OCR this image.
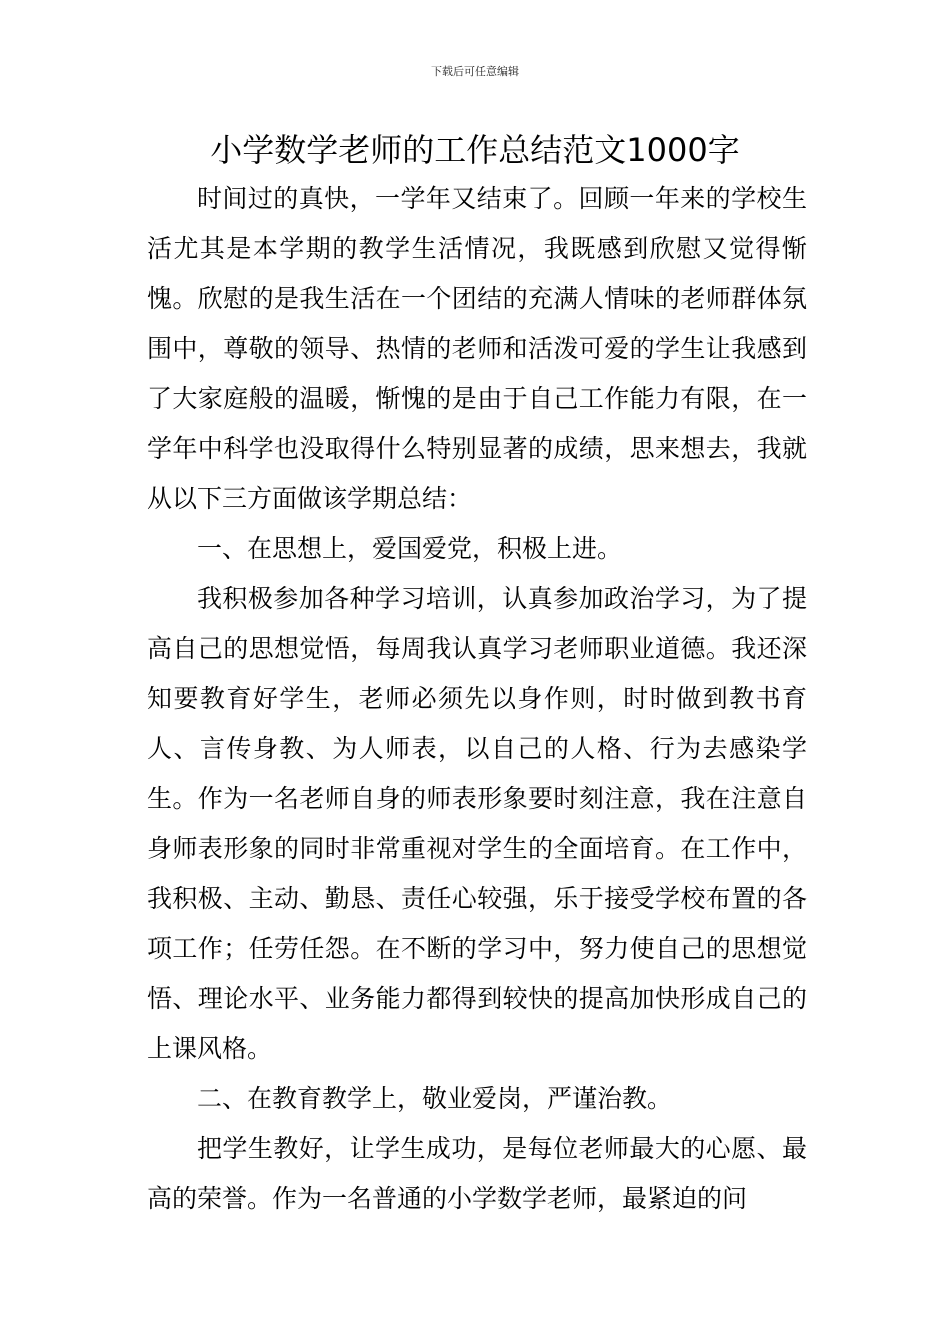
下载后可任意编辑
小学数学老师的工作总结范文1000字

时间过的真快，一学年又结束了。回顾一年来的学校生活尤其是本学期的教学生活情况，我既感到欣慰又觉得惭愧。欣慰的是我生活在一个团结的充满人情味的老师群体氛围中，尊敬的领导、热情的老师和活泼可爱的学生让我感到了大家庭般的温暖，惭愧的是由于自己工作能力有限，在一学年中科学也没取得什么特别显著的成绩，思来想去，我就从以下三方面做该学期总结：

一、在思想上，爱国爱党，积极上进。

我积极参加各种学习培训，认真参加政治学习，为了提高自己的思想觉悟，每周我认真学习老师职业道德。我还深知要教育好学生，老师必须先以身作则，时时做到教书育人、言传身教、为人师表，以自己的人格、行为去感染学生。作为一名老师自身的师表形象要时刻注意，我在注意自身师表形象的同时非常重视对学生的全面培育。在工作中，我积极、主动、勤恳、责任心较强，乐于接受学校布置的各项工作；任劳任怨。在不断的学习中，努力使自己的思想觉悟、理论水平、业务能力都得到较快的提高加快形成自己的上课风格。

二、在教育教学上，敬业爱岗，严谨治教。

把学生教好，让学生成功，是每位老师最大的心愿、最高的荣誉。作为一名普通的小学数学老师，最紧迫的问
